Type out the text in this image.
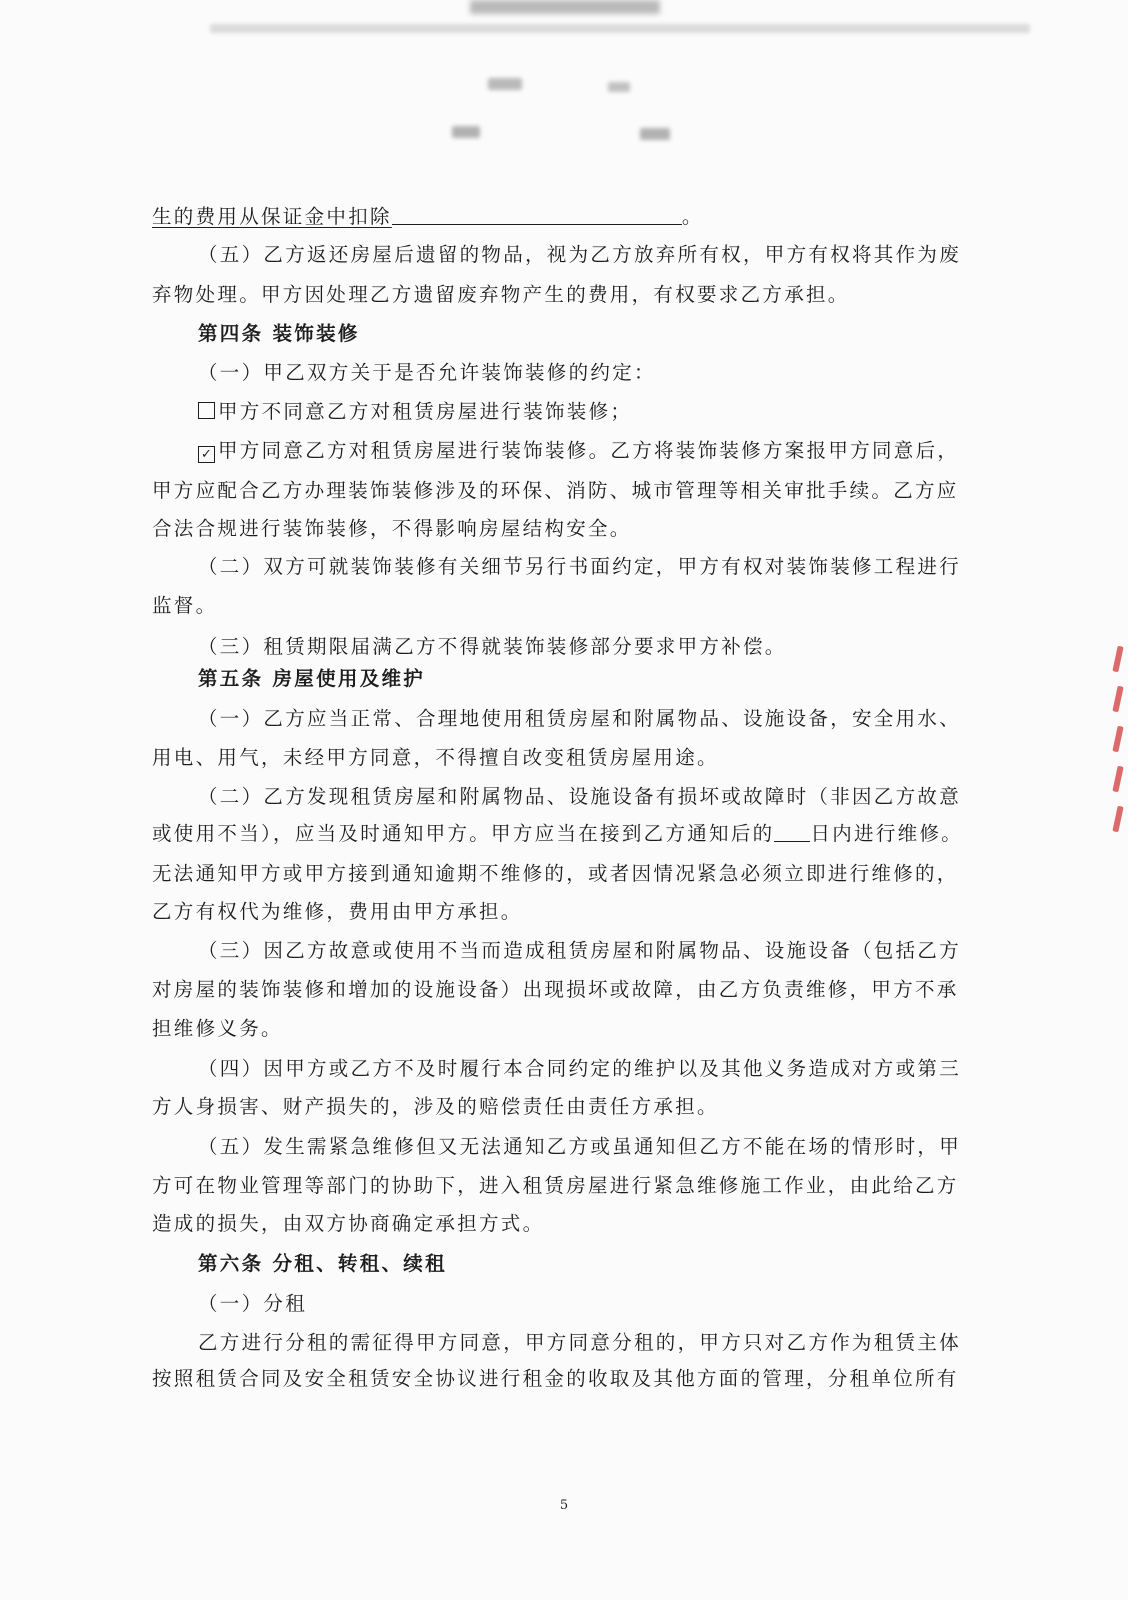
生的费用从保证金中扣除	。
（五）乙方返还房屋后遗留的物品，视为乙方放弃所有权，甲方有权将其作为废
弃物处理。甲方因处理乙方遗留废弃物产生的费用，有权要求乙方承担。
第四条 装饰装修
（一）甲乙双方关于是否允许装饰装修的约定：
甲方不同意乙方对租赁房屋进行装饰装修；
✓ 甲方同意乙方对租赁房屋进行装饰装修。乙方将装饰装修方案报甲方同意后，
甲方应配合乙方办理装饰装修涉及的环保、消防、城市管理等相关审批手续。乙方应
合法合规进行装饰装修，不得影响房屋结构安全。
（二）双方可就装饰装修有关细节另行书面约定，甲方有权对装饰装修工程进行
监督。
（三）租赁期限届满乙方不得就装饰装修部分要求甲方补偿。
第五条 房屋使用及维护
（一）乙方应当正常、合理地使用租赁房屋和附属物品、设施设备，安全用水、
用电、用气，未经甲方同意，不得擅自改变租赁房屋用途。
（二）乙方发现租赁房屋和附属物品、设施设备有损坏或故障时（非因乙方故意
或使用不当），应当及时通知甲方。甲方应当在接到乙方通知后的 日内进行维修。
无法通知甲方或甲方接到通知逾期不维修的，或者因情况紧急必须立即进行维修的，
乙方有权代为维修，费用由甲方承担。
（三）因乙方故意或使用不当而造成租赁房屋和附属物品、设施设备（包括乙方
对房屋的装饰装修和增加的设施设备）出现损坏或故障，由乙方负责维修，甲方不承
担维修义务。
（四）因甲方或乙方不及时履行本合同约定的维护以及其他义务造成对方或第三
方人身损害、财产损失的，涉及的赔偿责任由责任方承担。
（五）发生需紧急维修但又无法通知乙方或虽通知但乙方不能在场的情形时，甲
方可在物业管理等部门的协助下，进入租赁房屋进行紧急维修施工作业，由此给乙方
造成的损失，由双方协商确定承担方式。
第六条 分租、转租、续租
（一）分租
乙方进行分租的需征得甲方同意，甲方同意分租的，甲方只对乙方作为租赁主体
按照租赁合同及安全租赁安全协议进行租金的收取及其他方面的管理，分租单位所有
5
